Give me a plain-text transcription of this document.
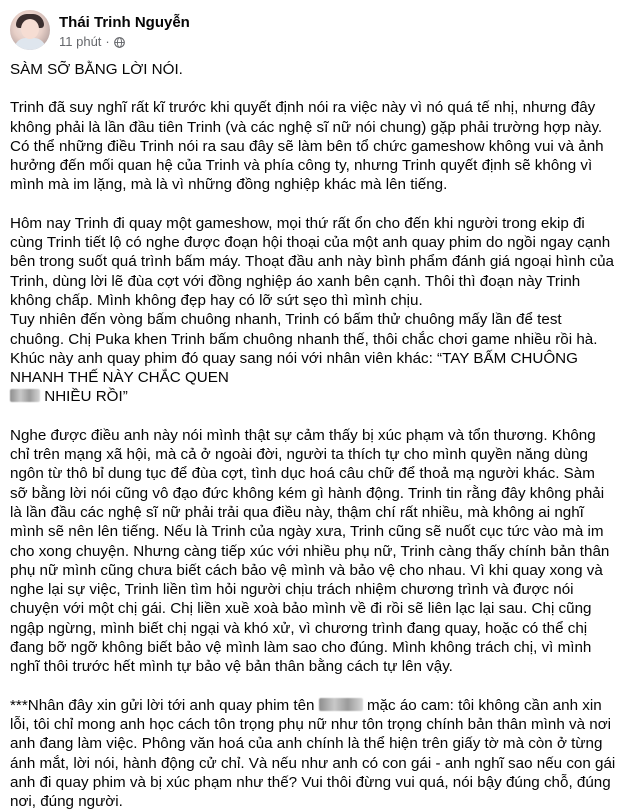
Thái Trinh Nguyễn
11 phút ·

SÀM SỠ BẰNG LỜI NÓI.

Trinh đã suy nghĩ rất kĩ trước khi quyết định nói ra việc này vì nó quá tế nhị, nhưng đây không phải là lần đầu tiên Trinh (và các nghệ sĩ nữ nói chung) gặp phải trường hợp này. Có thể những điều Trinh nói ra sau đây sẽ làm bên tổ chức gameshow không vui và ảnh hưởng đến mối quan hệ của Trinh và phía công ty, nhưng Trinh quyết định sẽ không vì mình mà im lặng, mà là vì những đồng nghiệp khác mà lên tiếng.

Hôm nay Trinh đi quay một gameshow, mọi thứ rất ổn cho đến khi người trong ekip đi cùng Trinh tiết lộ có nghe được đoạn hội thoại của một anh quay phim do ngồi ngay cạnh bên trong suốt quá trình bấm máy. Thoạt đầu anh này bình phẩm đánh giá ngoại hình của Trinh, dùng lời lẽ đùa cợt với đồng nghiệp áo xanh bên cạnh. Thôi thì đoạn này Trinh không chấp. Mình không đẹp hay có lỡ sứt sẹo thì mình chịu.

Tuy nhiên đến vòng bấm chuông nhanh, Trinh có bấm thử chuông mấy lần để test chuông. Chị Puka khen Trinh bấm chuông nhanh thế, thôi chắc chơi game nhiều rồi hà. Khúc này anh quay phim đó quay sang nói với nhân viên khác: “TAY BẤM CHUÔNG NHANH THẾ NÀY CHẮC QUEN
NHIỀU RỒI”

Nghe được điều anh này nói mình thật sự cảm thấy bị xúc phạm và tổn thương. Không chỉ trên mạng xã hội, mà cả ở ngoài đời, người ta thích tự cho mình quyền năng dùng ngôn từ thô bỉ dung tục để đùa cợt, tình dục hoá câu chữ để thoả mạ người khác. Sàm sỡ bằng lời nói cũng vô đạo đức không kém gì hành động. Trinh tin rằng đây không phải là lần đầu các nghệ sĩ nữ phải trải qua điều này, thậm chí rất nhiều, mà không ai nghĩ mình sẽ nên lên tiếng. Nếu là Trinh của ngày xưa, Trinh cũng sẽ nuốt cục tức vào mà im cho xong chuyện. Nhưng càng tiếp xúc với nhiều phụ nữ, Trinh càng thấy chính bản thân phụ nữ mình cũng chưa biết cách bảo vệ mình và bảo vệ cho nhau. Vì khi quay xong và nghe lại sự việc, Trinh liền tìm hỏi người chịu trách nhiệm chương trình và được nói chuyện với một chị gái. Chị liền xuề xoà bảo mình về đi rồi sẽ liên lạc lại sau. Chị cũng ngập ngừng, mình biết chị ngại và khó xử, vì chương trình đang quay, hoặc có thể chị đang bỡ ngỡ không biết bảo vệ mình làm sao cho đúng. Mình không trách chị, vì mình nghĩ thôi trước hết mình tự bảo vệ bản thân bằng cách tự lên vậy.

***Nhân đây xin gửi lời tới anh quay phim tên	mặc áo cam: tôi không cần anh xin lỗi, tôi chỉ mong anh học cách tôn trọng phụ nữ như tôn trọng chính bản thân mình và nơi anh đang làm việc. Phông văn hoá của anh chính là thể hiện trên giấy tờ mà còn ở từng ánh mắt, lời nói, hành động cử chỉ. Và nếu như anh có con gái - anh nghĩ sao nếu con gái anh đi quay phim và bị xúc phạm như thế? Vui thôi đừng vui quá, nói bậy đúng chỗ, đúng nơi, đúng người.
